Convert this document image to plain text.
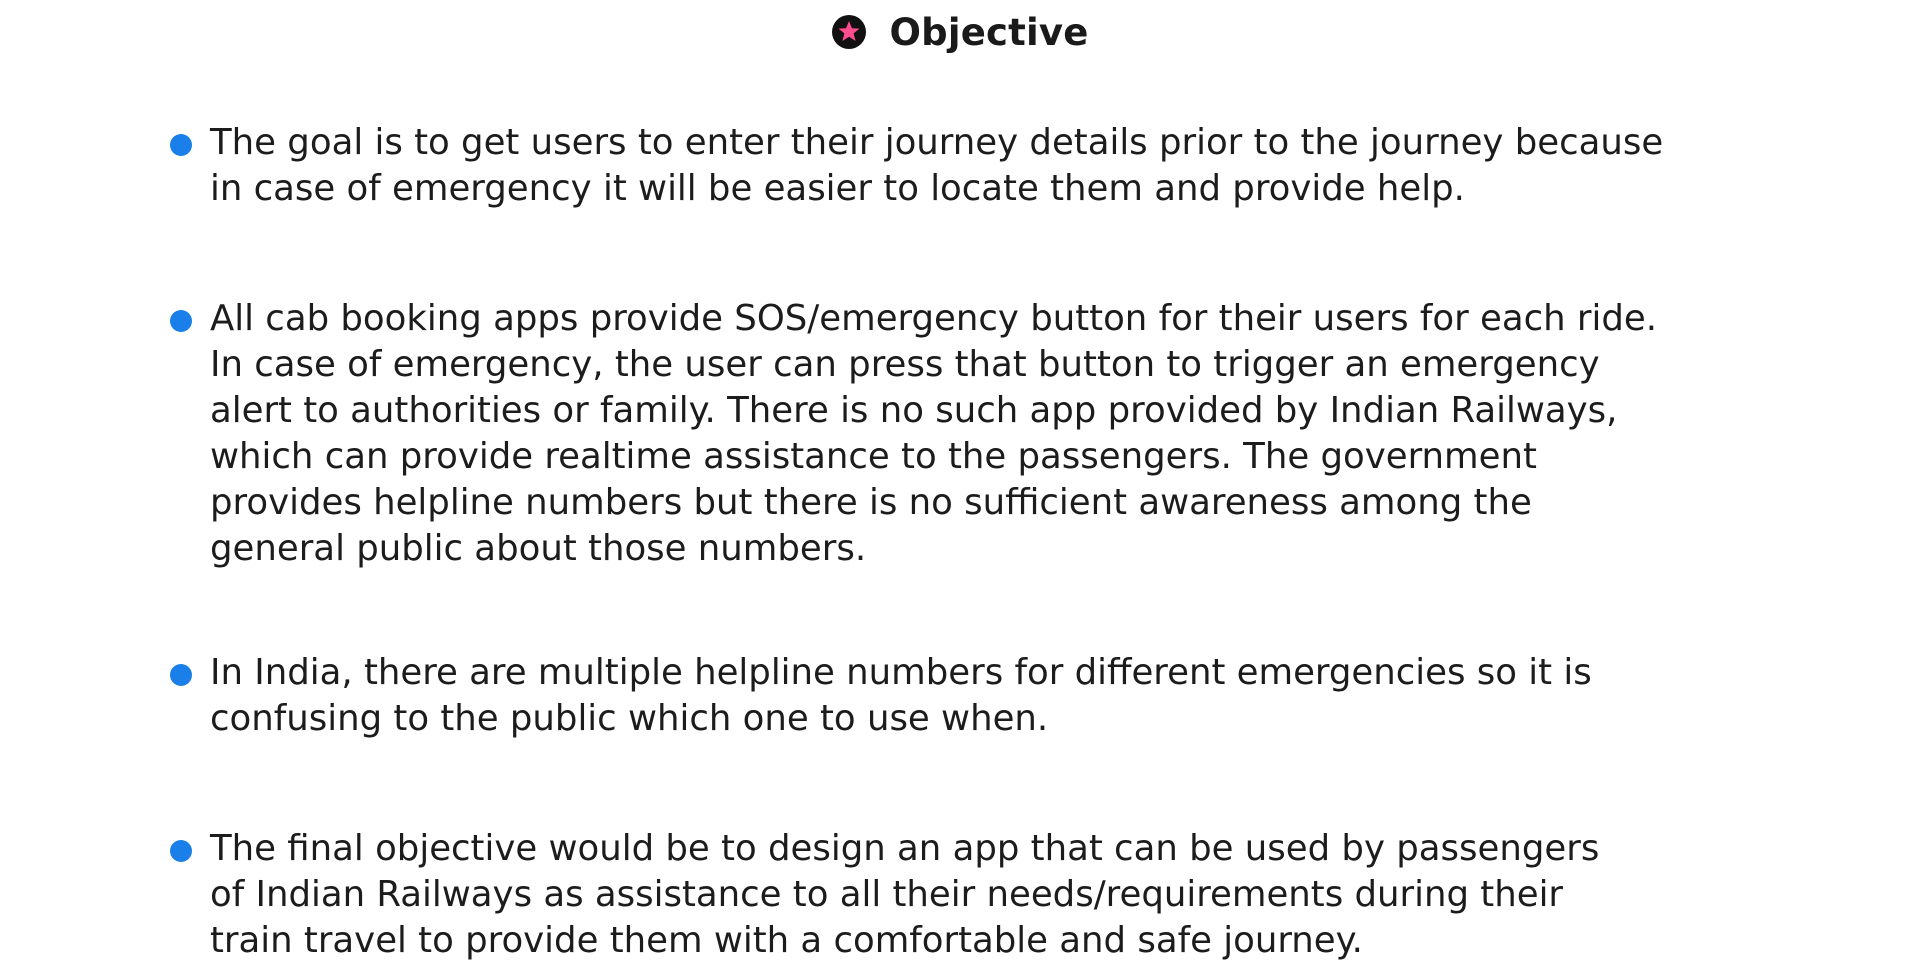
Objective
The goal is to get users to enter their journey details prior to the journey because
in case of emergency it will be easier to locate them and provide help.
All cab booking apps provide SOS/emergency button for their users for each ride.
In case of emergency, the user can press that button to trigger an emergency
alert to authorities or family. There is no such app provided by Indian Railways,
which can provide realtime assistance to the passengers. The government
provides helpline numbers but there is no sufficient awareness among the
general public about those numbers.
In India, there are multiple helpline numbers for different emergencies so it is
confusing to the public which one to use when.
The final objective would be to design an app that can be used by passengers
of Indian Railways as assistance to all their needs/requirements during their
train travel to provide them with a comfortable and safe journey.
